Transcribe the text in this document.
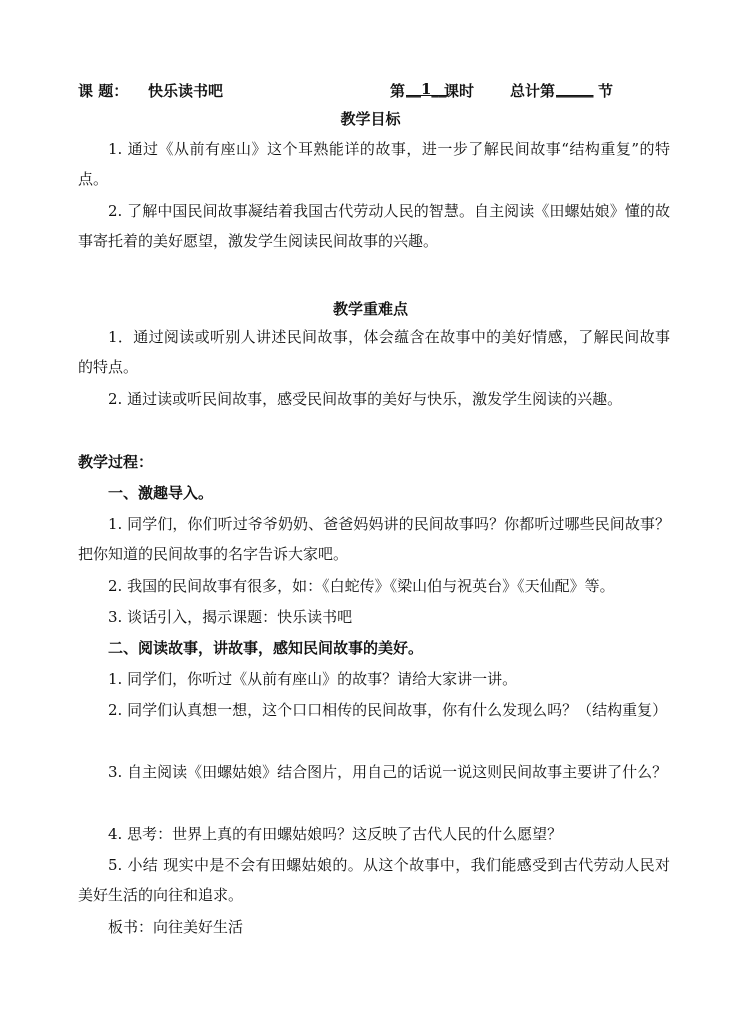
课 题： 快乐读书吧	第 __1__
课时 总计第 _____ 节
教学目标
1. 通过《从前有座山》这个耳熟能详的故事，进一步了解民间故事“结构重复”的特点。
2. 了解中国民间故事凝结着我国古代劳动人民的智慧。自主阅读《田螺姑娘》懂的故事寄托着的美好愿望，激发学生阅读民间故事的兴趣。
教学重难点
1．通过阅读或听别人讲述民间故事，体会蕴含在故事中的美好情感，了解民间故事的特点。
2. 通过读或听民间故事，感受民间故事的美好与快乐，激发学生阅读的兴趣。
教学过程：
一、激趣导入。
1. 同学们，你们听过爷爷奶奶、爸爸妈妈讲的民间故事吗？你都听过哪些民间故事？把你知道的民间故事的名字告诉大家吧。
2. 我国的民间故事有很多，如：《白蛇传》《梁山伯与祝英台》《天仙配》等。
3. 谈话引入，揭示课题：快乐读书吧
二、阅读故事，讲故事，感知民间故事的美好。
1. 同学们，你听过《从前有座山》的故事？请给大家讲一讲。
2. 同学们认真想一想，这个口口相传的民间故事，你有什么发现么吗？（结构重复）
3. 自主阅读《田螺姑娘》结合图片，用自己的话说一说这则民间故事主要讲了什么？
4. 思考：世界上真的有田螺姑娘吗？这反映了古代人民的什么愿望？
5. 小结 现实中是不会有田螺姑娘的。从这个故事中，我们能感受到古代劳动人民对美好生活的向往和追求。
板书：向往美好生活
